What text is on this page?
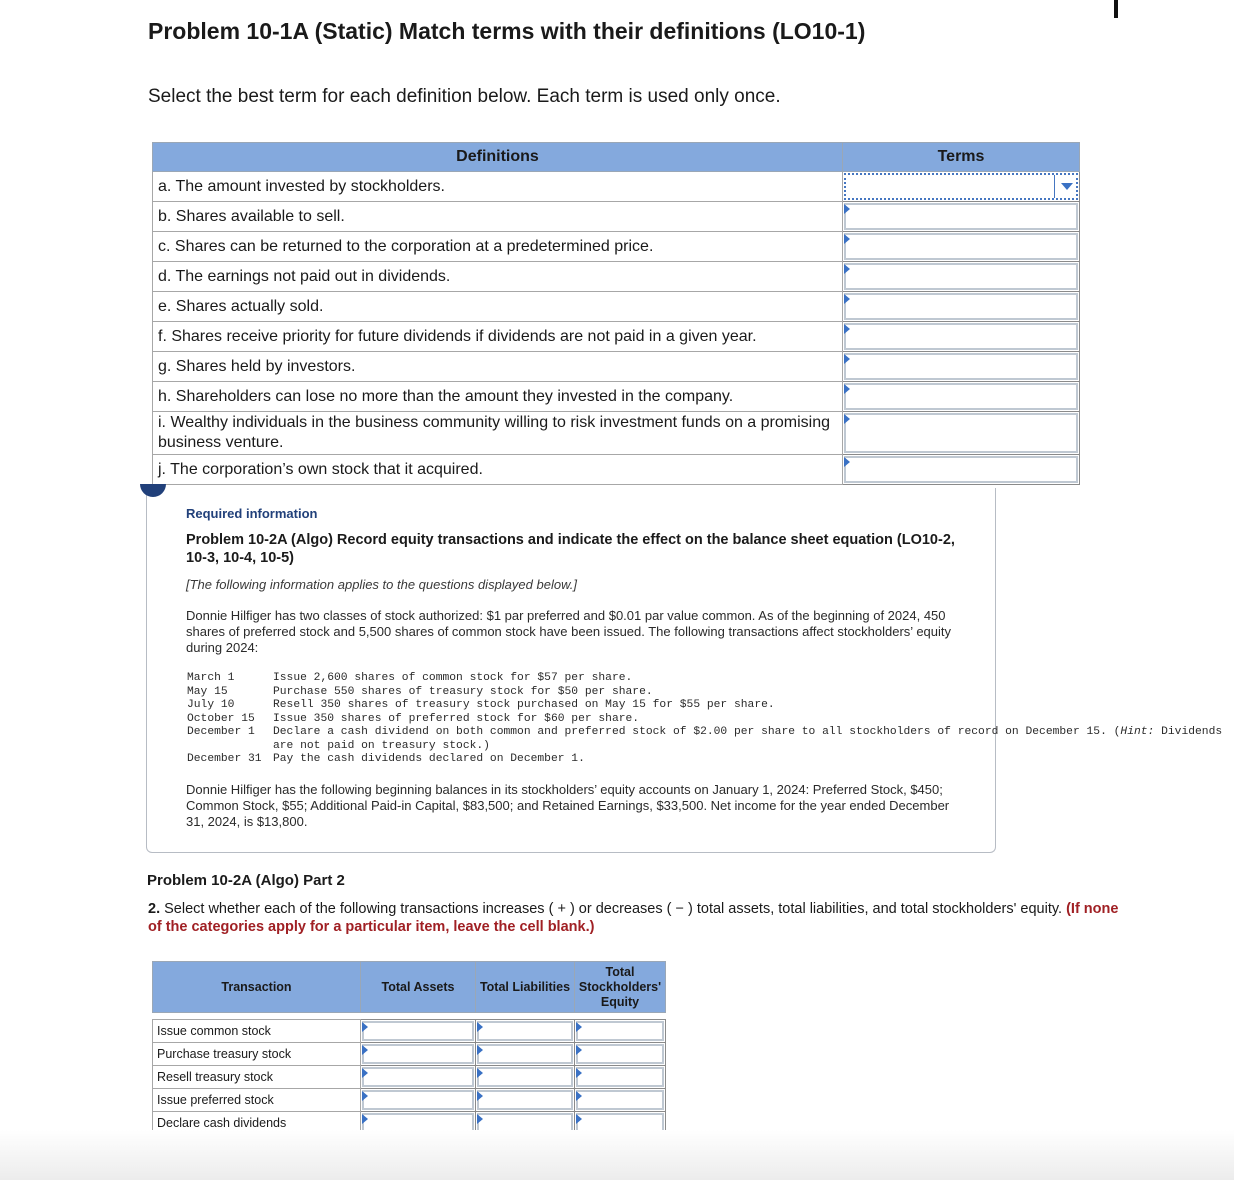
Problem 10-1A (Static) Match terms with their definitions (LO10-1)

Select the best term for each definition below. Each term is used only once.

Definitions	Terms
a. The amount invested by stockholders.	

b. Shares available to sell.	

c. Shares can be returned to the corporation at a predetermined price.	

d. The earnings not paid out in dividends.	

e. Shares actually sold.	

f. Shares receive priority for future dividends if dividends are not paid in a given year.	

g. Shares held by investors.	

h. Shareholders can lose no more than the amount they invested in the company.	

i. Wealthy individuals in the business community willing to risk investment funds on a promising business venture.	

j. The corporation’s own stock that it acquired.	
Required information
Problem 10-2A (Algo) Record equity transactions and indicate the effect on the balance sheet equation (LO10-2, 10-3, 10-4, 10-5)
[The following information applies to the questions displayed below.]
Donnie Hilfiger has two classes of stock authorized: $1 par preferred and $0.01 par value common. As of the beginning of 2024, 450 shares of preferred stock and 5,500 shares of common stock have been issued. The following transactions affect stockholders’ equity during 2024:
March 1	Issue 2,600 shares of common stock for $57 per share.
May 15	Purchase 550 shares of treasury stock for $50 per share.
July 10	Resell 350 shares of treasury stock purchased on May 15 for $55 per share.
October 15	Issue 350 shares of preferred stock for $60 per share.
December 1	Declare a cash dividend on both common and preferred stock of $2.00 per share to all stockholders of record on December 15. (Hint: Dividends are not paid on treasury stock.)
December 31	Pay the cash dividends declared on December 1.
Donnie Hilfiger has the following beginning balances in its stockholders’ equity accounts on January 1, 2024: Preferred Stock, $450; Common Stock, $55; Additional Paid-in Capital, $83,500; and Retained Earnings, $33,500. Net income for the year ended December 31, 2024, is $13,800.
Problem 10-2A (Algo) Part 2
2. Select whether each of the following transactions increases ( + ) or decreases ( − ) total assets, total liabilities, and total stockholders' equity. (If none of the categories apply for a particular item, leave the cell blank.)
Transaction	Total Assets	Total Liabilities	Total Stockholders' Equity

Issue common stock	

Purchase treasury stock	

Resell treasury stock	

Issue preferred stock	

Declare cash dividends	
